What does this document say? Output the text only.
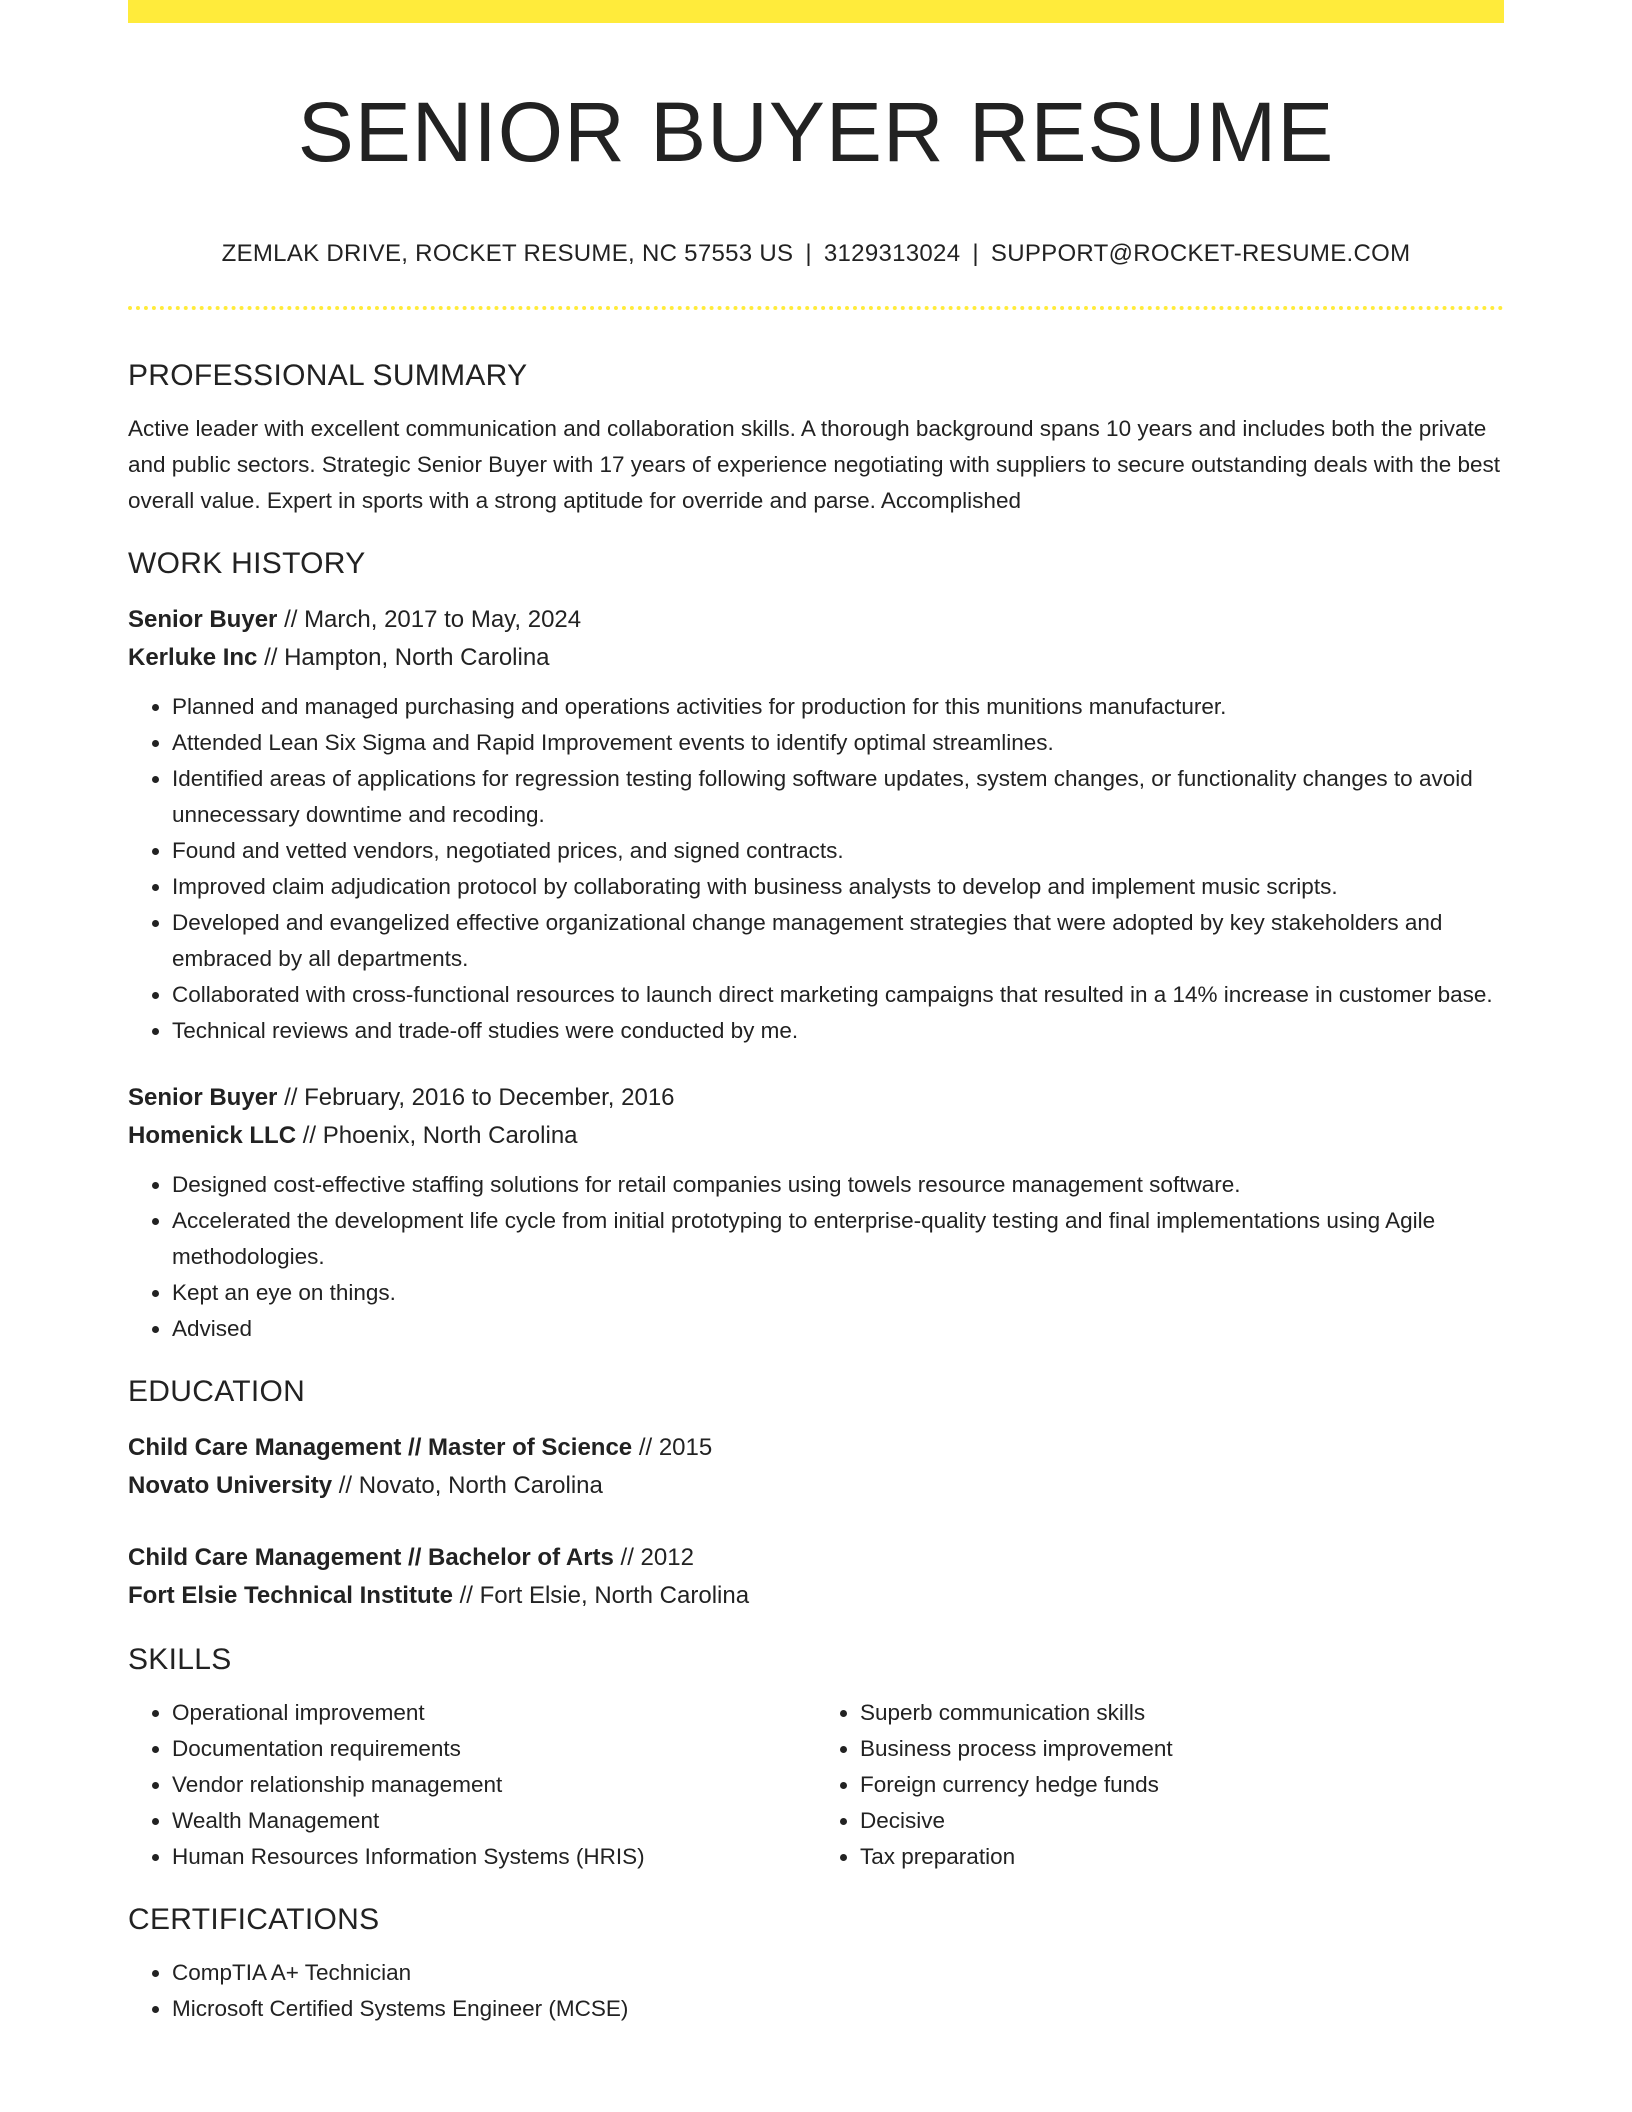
SENIOR BUYER RESUME
ZEMLAK DRIVE, ROCKET RESUME, NC 57553 US | 3129313024 | SUPPORT@ROCKET-RESUME.COM
PROFESSIONAL SUMMARY

Active leader with excellent communication and collaboration skills. A thorough background spans 10 years and includes both the private and public sectors. Strategic Senior Buyer with 17 years of experience negotiating with suppliers to secure outstanding deals with the best overall value. Expert in sports with a strong aptitude for override and parse. Accomplished

WORK HISTORY
Senior Buyer // March, 2017 to May, 2024
Kerluke Inc // Hampton, North Carolina
• Planned and managed purchasing and operations activities for production for this munitions manufacturer.
• Attended Lean Six Sigma and Rapid Improvement events to identify optimal streamlines.
• Identified areas of applications for regression testing following software updates, system changes, or functionality changes to avoid unnecessary downtime and recoding.
• Found and vetted vendors, negotiated prices, and signed contracts.
• Improved claim adjudication protocol by collaborating with business analysts to develop and implement music scripts.
• Developed and evangelized effective organizational change management strategies that were adopted by key stakeholders and embraced by all departments.
• Collaborated with cross-functional resources to launch direct marketing campaigns that resulted in a 14% increase in customer base.
• Technical reviews and trade-off studies were conducted by me.
Senior Buyer // February, 2016 to December, 2016
Homenick LLC // Phoenix, North Carolina
• Designed cost-effective staffing solutions for retail companies using towels resource management software.
• Accelerated the development life cycle from initial prototyping to enterprise-quality testing and final implementations using Agile methodologies.
• Kept an eye on things.
• Advised
EDUCATION
Child Care Management // Master of Science // 2015
Novato University // Novato, North Carolina
Child Care Management // Bachelor of Arts // 2012
Fort Elsie Technical Institute // Fort Elsie, North Carolina
SKILLS
• Operational improvement
• Documentation requirements
• Vendor relationship management
• Wealth Management
• Human Resources Information Systems (HRIS)
• Superb communication skills
• Business process improvement
• Foreign currency hedge funds
• Decisive
• Tax preparation
CERTIFICATIONS
• CompTIA A+ Technician
• Microsoft Certified Systems Engineer (MCSE)
